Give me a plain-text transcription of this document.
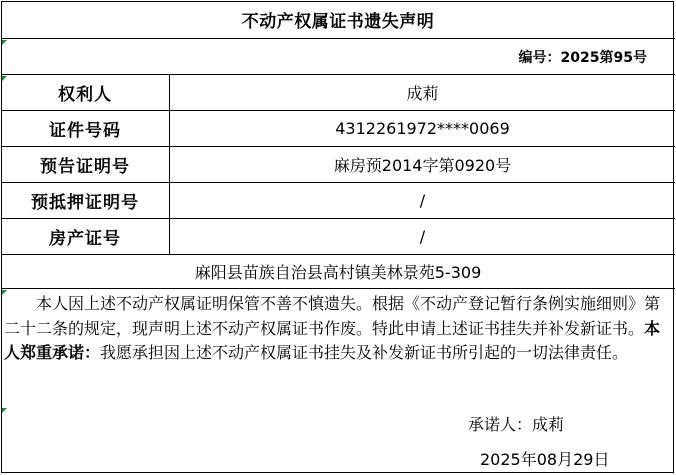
不动产权属证书遗失声明
编号：2025第95号
权利人	成莉
证件号码	4312261972****0069
预告证明号	麻房预2014字第0920号
预抵押证明号	/
房产证号	/
麻阳县苗族自治县高村镇美林景苑5-309
本人因上述不动产权属证明保管不善不慎遗失。根据《不动产登记暂行条例实施细则》第二十二条的规定，现声明上述不动产权属证书作废。特此申请上述证书挂失并补发新证书。本人郑重承诺：我愿承担因上述不动产权属证书挂失及补发新证书所引起的一切法律责任。
承诺人：成莉
2025年08月29日
